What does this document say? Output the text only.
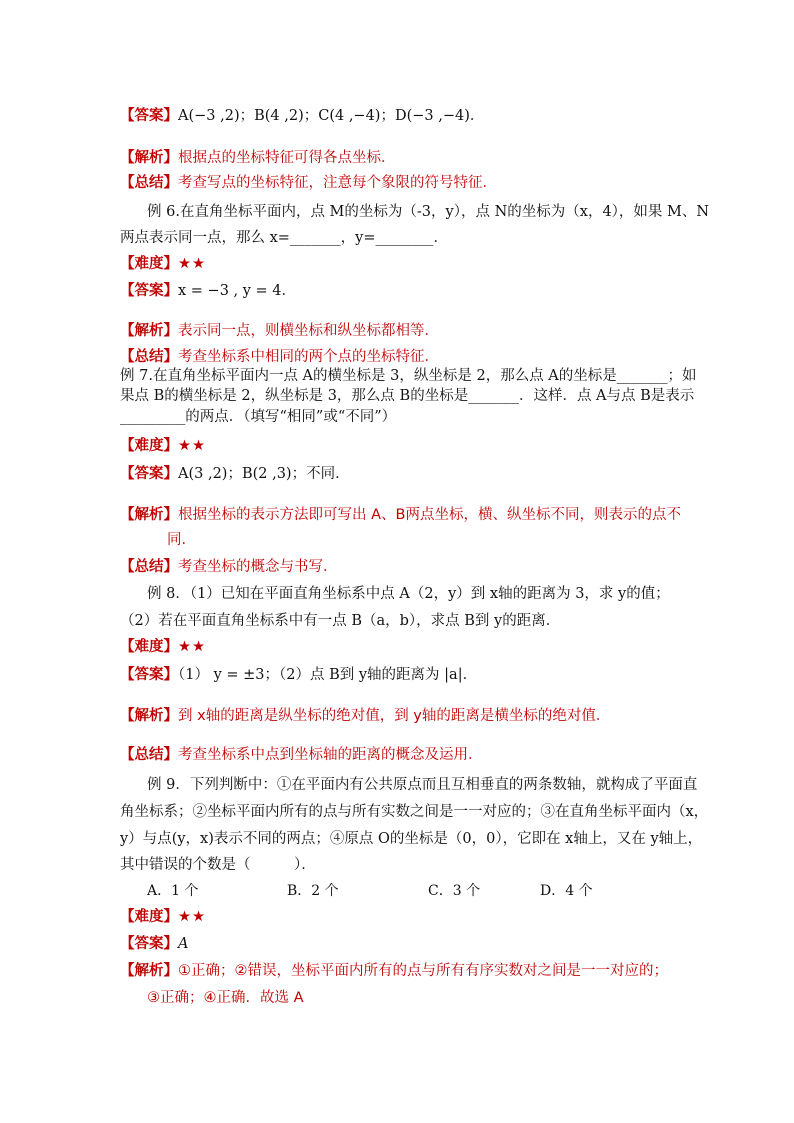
【答案】A(−3 ,2)；B(4 ,2)；C(4 ,−4)；D(−3 ,−4)．
【解析】根据点的坐标特征可得各点坐标．
【总结】考查写点的坐标特征，注意每个象限的符号特征．
例 6.在直角坐标平面内，点 M的坐标为（-3，y），点 N的坐标为（x，4），如果 M、N
两点表示同一点，那么 x=_______，y=________．
【难度】★★
【答案】x = −3 , y = 4．
【解析】表示同一点，则横坐标和纵坐标都相等．
【总结】考查坐标系中相同的两个点的坐标特征．
例 7.在直角坐标平面内一点 A的横坐标是 3，纵坐标是 2，那么点 A的坐标是_______；如
果点 B的横坐标是 2，纵坐标是 3，那么点 B的坐标是_______．这样．点 A与点 B是表示
_________的两点．（填写“相同”或“不同”）
【难度】★★
【答案】A(3 ,2)；B(2 ,3)；不同．
【解析】根据坐标的表示方法即可写出 A、B两点坐标，横、纵坐标不同，则表示的点不
同．
【总结】考查坐标的概念与书写．
例 8．（1）已知在平面直角坐标系中点 A（2，y）到 x轴的距离为 3，求 y的值；
（2）若在平面直角坐标系中有一点 B（a，b），求点 B到 y的距离．
【难度】★★
【答案】（1） y = ±3；（2）点 B到 y轴的距离为 |a|．
【解析】到 x轴的距离是纵坐标的绝对值，到 y轴的距离是横坐标的绝对值．
【总结】考查坐标系中点到坐标轴的距离的概念及运用．
例 9．下列判断中：①在平面内有公共原点而且互相垂直的两条数轴，就构成了平面直
角坐标系；②坐标平面内所有的点与所有实数之间是一一对应的；③在直角坐标平面内（x，
y）与点(y，x)表示不同的两点；④原点 O的坐标是（0，0），它即在 x轴上，又在 y轴上，
其中错误的个数是（　　　）．
A．1 个	B．2 个	C．3 个	D．4 个
【难度】★★
【答案】A
【解析】①正确；②错误，坐标平面内所有的点与所有有序实数对之间是一一对应的；
③正确；④正确．故选 A
